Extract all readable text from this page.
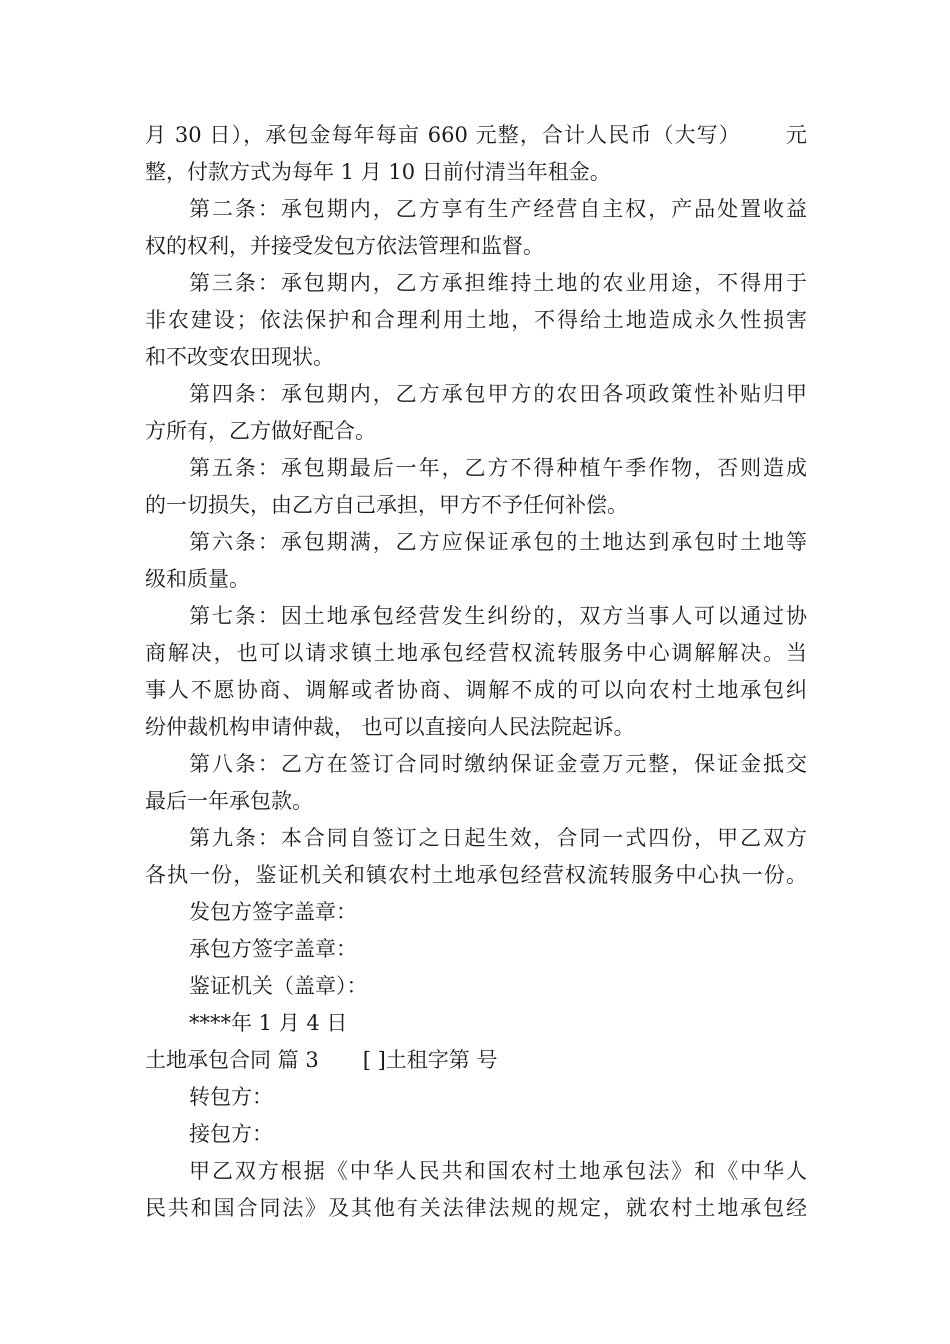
月 30 日），承包金每年每亩 660 元整，合计人民币（大写） 元
整，付款方式为每年 1 月 10 日前付清当年租金。
第二条：承包期内，乙方享有生产经营自主权，产品处置收益
权的权利，并接受发包方依法管理和监督。
第三条：承包期内，乙方承担维持土地的农业用途，不得用于
非农建设；依法保护和合理利用土地，不得给土地造成永久性损害
和不改变农田现状。
第四条：承包期内，乙方承包甲方的农田各项政策性补贴归甲
方所有，乙方做好配合。
第五条：承包期最后一年，乙方不得种植午季作物，否则造成
的一切损失，由乙方自己承担，甲方不予任何补偿。
第六条：承包期满，乙方应保证承包的土地达到承包时土地等
级和质量。
第七条：因土地承包经营发生纠纷的，双方当事人可以通过协
商解决，也可以请求镇土地承包经营权流转服务中心调解解决。当
事人不愿协商、调解或者协商、调解不成的可以向农村土地承包纠
纷仲裁机构申请仲裁， 也可以直接向人民法院起诉。
第八条：乙方在签订合同时缴纳保证金壹万元整，保证金抵交
最后一年承包款。
第九条：本合同自签订之日起生效，合同一式四份，甲乙双方
各执一份，鉴证机关和镇农村土地承包经营权流转服务中心执一份。
发包方签字盖章：
承包方签字盖章：
鉴证机关（盖章）：
****年 1 月 4 日
土地承包合同 篇 3 [ ]土租字第 号
转包方：
接包方：
甲乙双方根据《中华人民共和国农村土地承包法》和《中华人
民共和国合同法》及其他有关法律法规的规定，就农村土地承包经
